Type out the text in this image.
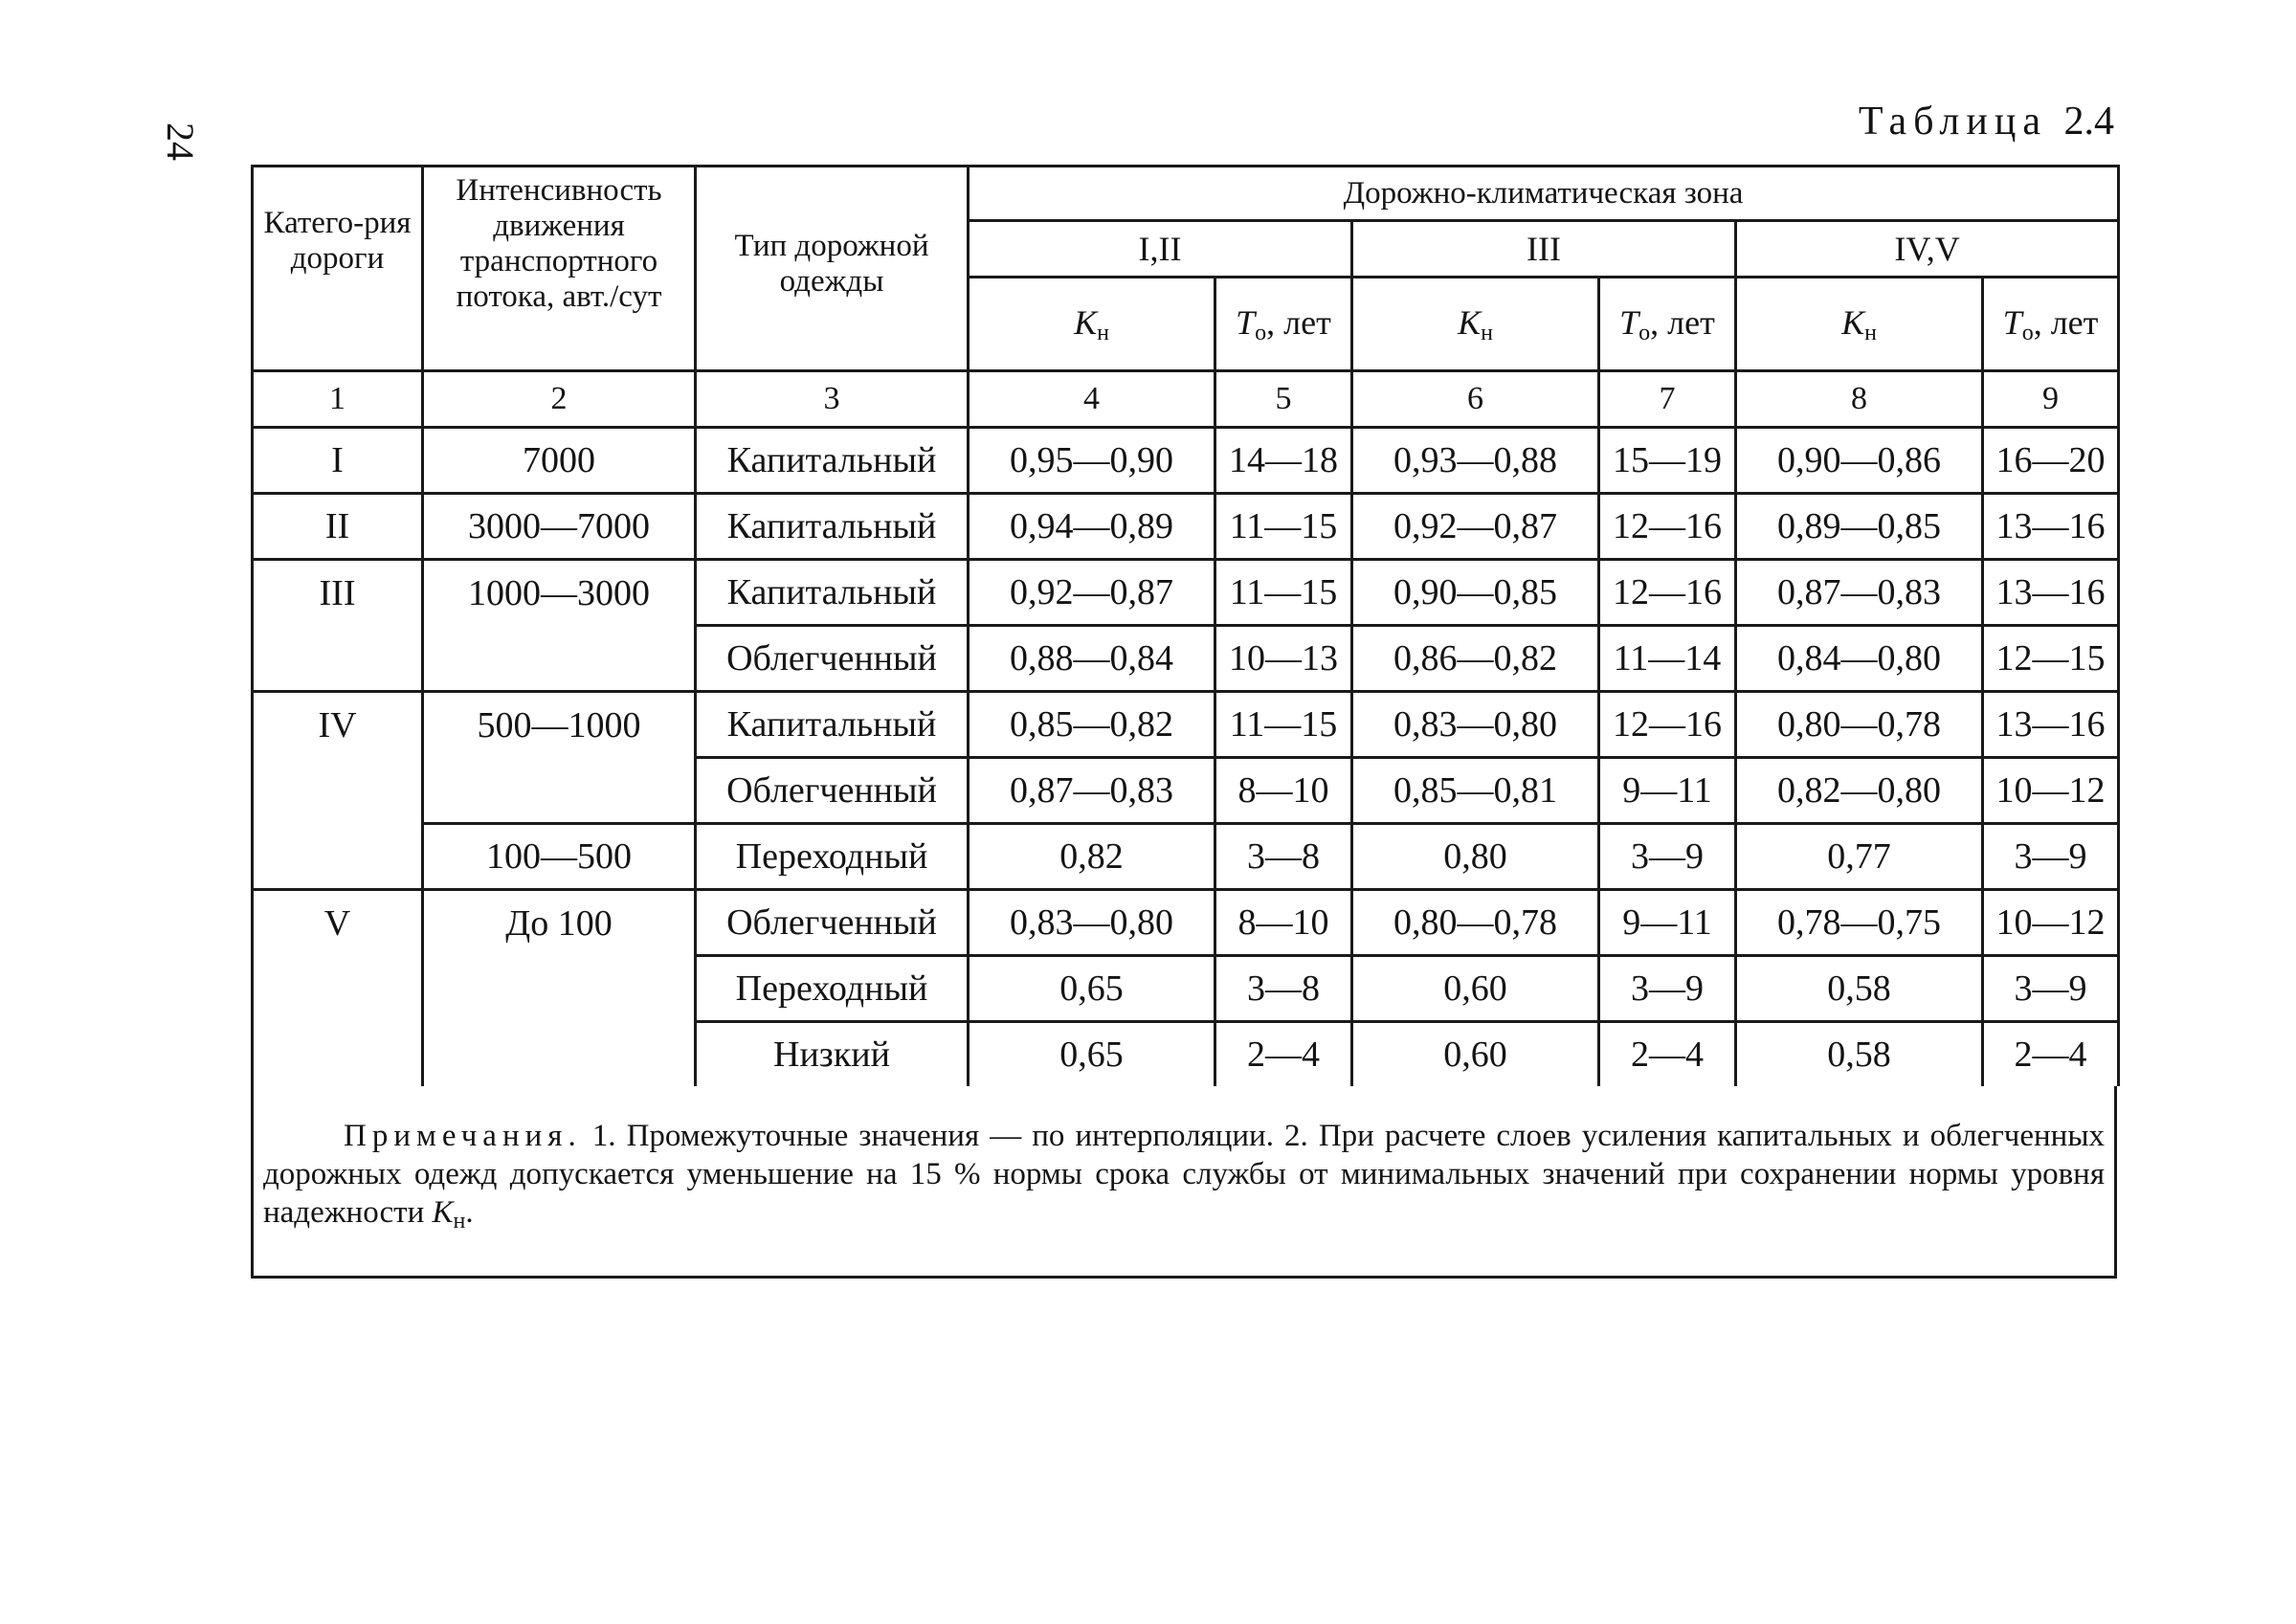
24	Таблица 2.4
Катего-рия дороги	Интенсивность движения транспортного потока, авт./сут	Тип дорожной одежды	Дорожно-климатическая зона					
			I,II		III		IV,V	
			$K_н$	$T_о$, лет	$K_н$	$T_о$, лет	$K_н$	$T_о$, лет
1	2	3	4	5	6	7	8	9
I	7000	Капитальный	0,95—0,90	14—18	0,93—0,88	15—19	0,90—0,86	16—20
II	3000—7000	Капитальный	0,94—0,89	11—15	0,92—0,87	12—16	0,89—0,85	13—16
III	1000—3000	Капитальный	0,92—0,87	11—15	0,90—0,85	12—16	0,87—0,83	13—16
		Облегченный	0,88—0,84	10—13	0,86—0,82	11—14	0,84—0,80	12—15
IV	500—1000	Капитальный	0,85—0,82	11—15	0,83—0,80	12—16	0,80—0,78	13—16
		Облегченный	0,87—0,83	8—10	0,85—0,81	9—11	0,82—0,80	10—12
	100—500	Переходный	0,82	3—8	0,80	3—9	0,77	3—9
V	До 100	Облегченный	0,83—0,80	8—10	0,80—0,78	9—11	0,78—0,75	10—12
		Переходный	0,65	3—8	0,60	3—9	0,58	3—9
		Низкий	0,65	2—4	0,60	2—4	0,58	2—4
Примечания. 1. Промежуточные значения — по интерполяции. 2. При расчете слоев усиления капитальных и облегченных дорожных одежд допускается уменьшение на 15 % нормы срока службы от минимальных значений при сохранении нормы уровня надежности $K_н$.
